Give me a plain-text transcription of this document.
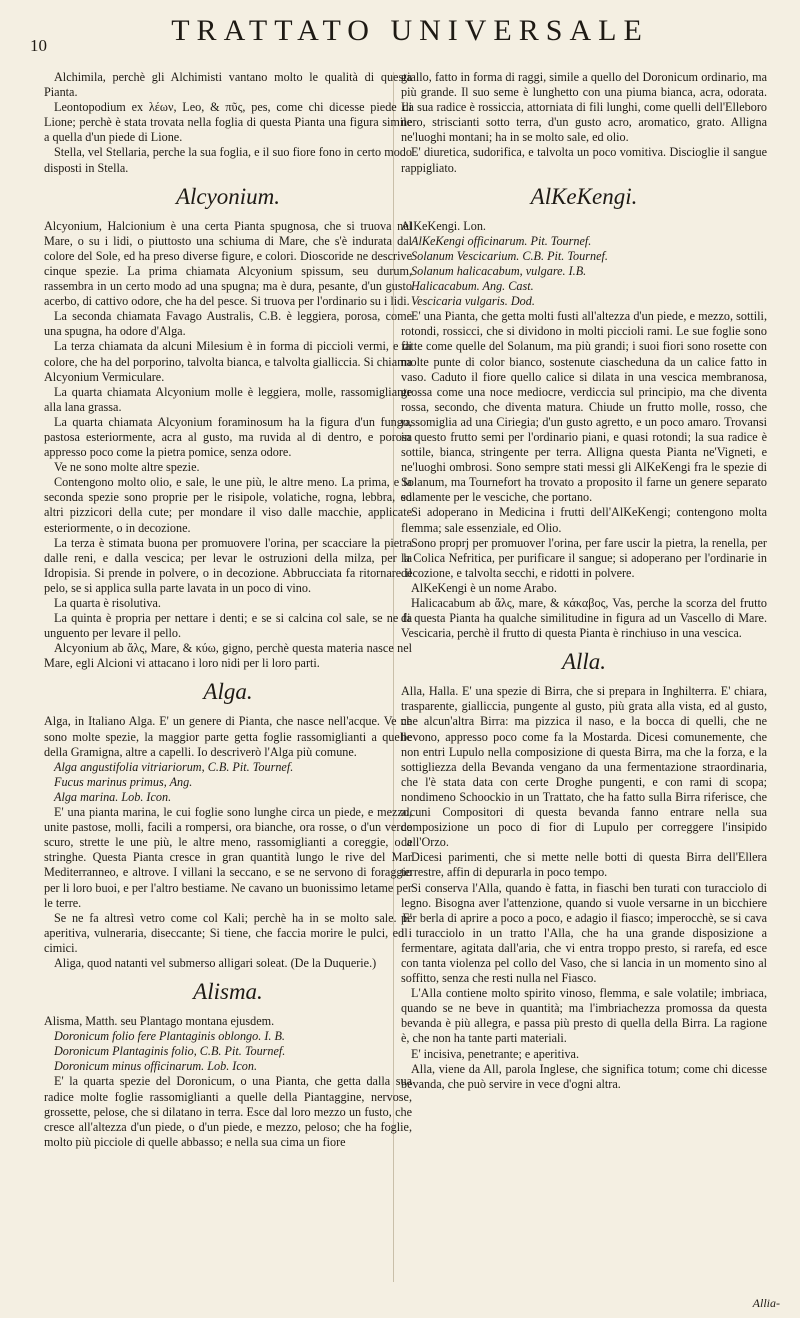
10	TRATTATO UNIVERSALE

Alchimila, perchè gli Alchimisti vantano molto le qualità di questa Pianta.

Leontopodium ex λέων, Leo, & πῦς, pes, come chi dicesse piede di Lione; perchè è stata trovata nella foglia di questa Pianta una figura simile a quella d'un piede di Lione.

Stella, vel Stellaria, perche la sua foglia, e il suo fiore fono in certo modo disposti in Stella.

Alcyonium.

Alcyonium, Halcionium è una certa Pianta spugnosa, che si truova nel Mare, o su i lidi, o piuttosto una schiuma di Mare, che s'è indurata dal colore del Sole, ed ha preso diverse figure, e colori. Dioscoride ne descrive cinque spezie. La prima chiamata Alcyonium spissum, seu durum, rassembra in un certo modo ad una spugna; ma è dura, pesante, d'un gusto acerbo, di cattivo odore, che ha del pesce. Si truova per l'ordinario su i lidi.

La seconda chiamata Favago Australis, C.B. è leggiera, porosa, come una spugna, ha odore d'Alga.

La terza chiamata da alcuni Milesium è in forma di piccioli vermi, e di colore, che ha del porporino, talvolta bianca, e talvolta gialliccia. Si chiama Alcyonium Vermiculare.

La quarta chiamata Alcyonium molle è leggiera, molle, rassomigliante alla lana grassa.

La quarta chiamata Alcyonium foraminosum ha la figura d'un fungo, pastosa esteriormente, acra al gusto, ma ruvida al di dentro, e porosa appresso poco come la pietra pomice, senza odore.

Ve ne sono molte altre spezie.

Contengono molto olio, e sale, le une più, le altre meno. La prima, e la seconda spezie sono proprie per le risipole, volatiche, rogna, lebbra, ed altri pizzicori della cute; per mondare il viso dalle macchie, applicate esteriormente, o in decozione.

La terza è stimata buona per promuovere l'orina, per scacciare la pietra dalle reni, e dalla vescica; per levar le ostruzioni della milza, per la Idropisia. Si prende in polvere, o in decozione. Abbrucciata fa ritornare il pelo, se si applica sulla parte lavata in un poco di vino.

La quarta è risolutiva.

La quinta è propria per nettare i denti; e se si calcina col sale, se ne fa unguento per levare il pello.

Alcyonium ab ἅλς, Mare, & κύω, gigno, perchè questa materia nasce nel Mare, egli Alcioni vi attacano i loro nidi per li loro parti.

Alga.

Alga, in Italiano Alga. E' un genere di Pianta, che nasce nell'acque. Ve ne sono molte spezie, la maggior parte getta foglie rassomiglianti a quelle della Gramigna, altre a capelli. Io descriverò l'Alga più comune.

Alga angustifolia vitriariorum, C.B. Pit. Tournef.

Fucus marinus primus, Ang.

Alga marina. Lob. Icon.

E' una pianta marina, le cui foglie sono lunghe circa un piede, e mezzo, unite pastose, molli, facili a rompersi, ora bianche, ora rosse, o d'un verde scuro, strette le une più, le altre meno, rassomiglianti a coreggie, o a stringhe. Questa Pianta cresce in gran quantità lungo le rive del Mar Mediterranneo, e altrove. I villani la seccano, e se ne servono di foraggio per li loro buoi, e per l'altro bestiame. Ne cavano un buonissimo letame per le terre.

Se ne fa altresì vetro come col Kali; perchè ha in se molto sale. E' aperitiva, vulneraria, diseccante; Si tiene, che faccia morire le pulci, ed i cimici.

Aliga, quod natanti vel submerso alligari soleat. (De la Duquerie.)

Alisma.

Alisma, Matth. seu Plantago montana ejusdem.

Doronicum folio fere Plantaginis oblongo. I. B.

Doronicum Plantaginis folio, C.B. Pit. Tournef.

Doronicum minus officinarum. Lob. Icon.

E' la quarta spezie del Doronicum, o una Pianta, che getta dalla sua radice molte foglie rassomiglianti a quelle della Piantaggine, nervose, grossette, pelose, che si dilatano in terra. Esce dal loro mezzo un fusto, che cresce all'altezza d'un piede, o d'un piede, e mezzo, peloso; che ha foglie, molto più picciole di quelle abbasso; e nella sua cima un fiore

giallo, fatto in forma di raggi, simile a quello del Doronicum ordinario, ma più grande. Il suo seme è lunghetto con una piuma bianca, acra, odorata. La sua radice è rossiccia, attorniata di fili lunghi, come quelli dell'Elleboro nero, striscianti sotto terra, d'un gusto acro, aromatico, grato. Alligna ne'luoghi montani; ha in se molto sale, ed olio.

E' diuretica, sudorifica, e talvolta un poco vomitiva. Discioglie il sangue rappigliato.

AlKeKengi.

AlKeKengi. Lon.

AlKeKengi officinarum. Pit. Tournef.

Solanum Vescicarium. C.B. Pit. Tournef.

Solanum halicacabum, vulgare. I.B.

Halicacabum. Ang. Cast.

Vescicaria vulgaris. Dod.

E' una Pianta, che getta molti fusti all'altezza d'un piede, e mezzo, sottili, rotondi, rossicci, che si dividono in molti piccioli rami. Le sue foglie sono fatte come quelle del Solanum, ma più grandi; i suoi fiori sono rosette con molte punte di color bianco, sostenute ciascheduna da un calice fatto in vaso. Caduto il fiore quello calice si dilata in una vescica membranosa, grossa come una noce mediocre, verdiccia sul principio, ma che diventa rossa, secondo, che diventa matura. Chiude un frutto molle, rosso, che rassomiglia ad una Ciriegia; d'un gusto agretto, e un poco amaro. Trovansi in questo frutto semi per l'ordinario piani, e quasi rotondi; la sua radice è sottile, bianca, stringente per terra. Alligna questa Pianta ne'Vigneti, e ne'luoghi ombrosi. Sono sempre stati messi gli AlKeKengi fra le spezie di Solanum, ma Tournefort ha trovato a proposito il farne un genere separato solamente per le vesciche, che portano.

Si adoperano in Medicina i frutti dell'AlKeKengi; contengono molta flemma; sale essenziale, ed Olio.

Sono proprj per promuover l'orina, per fare uscir la pietra, la renella, per la Colica Nefritica, per purificare il sangue; si adoperano per l'ordinarie in decozione, e talvolta secchi, e ridotti in polvere.

AlKeKengi è un nome Arabo.

Halicacabum ab ἅλς, mare, & κάκαβος, Vas, perche la scorza del frutto di questa Pianta ha qualche similitudine in figura ad un Vascello di Mare. Vescicaria, perchè il frutto di questa Pianta è rinchiuso in una vescica.

Alla.

Alla, Halla. E' una spezie di Birra, che si prepara in Inghilterra. E' chiara, trasparente, gialliccia, pungente al gusto, più grata alla vista, ed al gusto, che alcun'altra Birra: ma pizzica il naso, e la bocca di quelli, che ne bevono, appresso poco come fa la Mostarda. Dicesi comunemente, che non entri Lupulo nella composizione di questa Birra, ma che la forza, e la sottigliezza della Bevanda vengano da una fermentazione straordinaria, che l'è stata data con certe Droghe pungenti, e con rami di scopa; nondimeno Schoockio in un Trattato, che ha fatto sulla Birra riferisce, che alcuni Compositori di questa bevanda fanno entrare nella sua composizione un poco di fior di Lupulo per correggere l'insipido dell'Orzo.

Dicesi parimenti, che si mette nelle botti di questa Birra dell'Ellera terrestre, affin di depurarla in poco tempo.

Si conserva l'Alla, quando è fatta, in fiaschi ben turati con turacciolo di legno. Bisogna aver l'attenzione, quando si vuole versarne in un bicchiere per berla di aprire a poco a poco, e adagio il fiasco; imperocchè, se si cava il turacciolo in un tratto l'Alla, che ha una grande disposizione a fermentare, agitata dall'aria, che vi entra troppo presto, si rarefa, ed esce con tanta violenza pel collo del Vaso, che si lancia in un momento sino al soffitto, senza che resti nulla nel Fiasco.

L'Alla contiene molto spirito vinoso, flemma, e sale volatile; imbriaca, quando se ne beve in quantità; ma l'imbriachezza promossa da questa bevanda è più allegra, e passa più presto di quella della Birra. La ragione è, che non ha tante parti materiali.

E' incisiva, penetrante; e aperitiva.

Alla, viene da All, parola Inglese, che significa totum; come chi dicesse bevanda, che può servire in vece d'ogni altra.

Allia-
